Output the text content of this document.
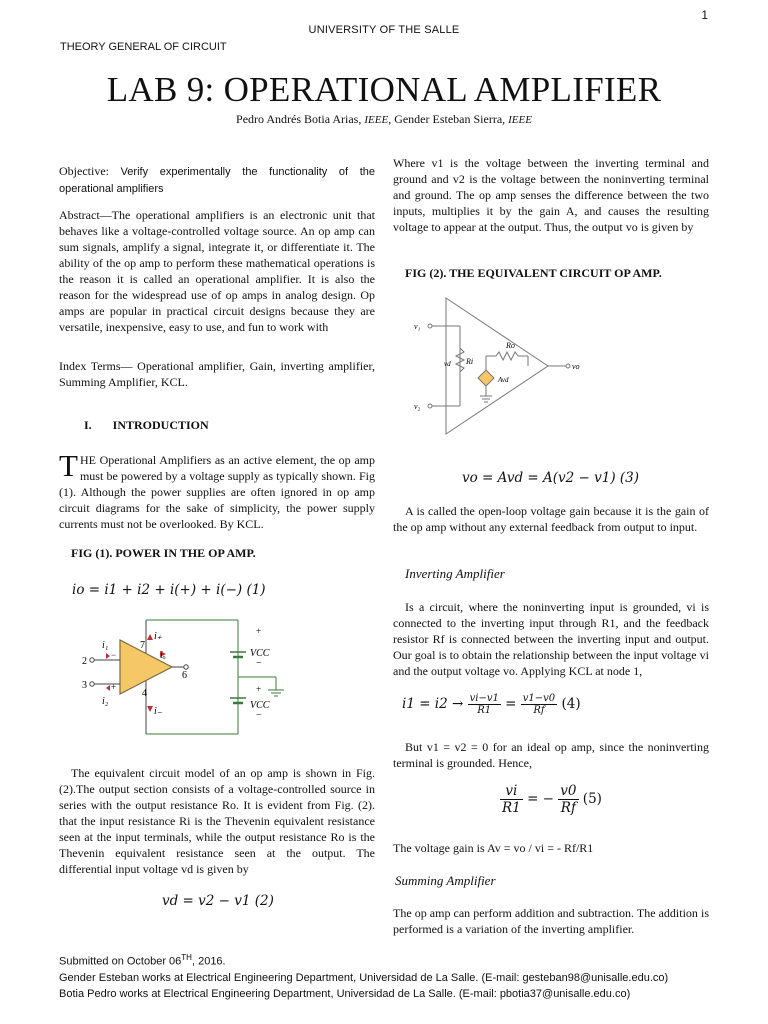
1
UNIVERSITY OF THE SALLE
THEORY GENERAL OF CIRCUIT
LAB 9: OPERATIONAL AMPLIFIER
Pedro Andrés Botia Arias, IEEE, Gender Esteban Sierra, IEEE

Objective: Verify experimentally the functionality of the operational amplifiers

Abstract—The operational amplifiers is an electronic unit that behaves like a voltage-controlled voltage source. An op amp can sum signals, amplify a signal, integrate it, or differentiate it. The ability of the op amp to perform these mathematical operations is the reason it is called an operational amplifier. It is also the reason for the widespread use of op amps in analog design. Op amps are popular in practical circuit designs because they are versatile, inexpensive, easy to use, and fun to work with
Index Terms— Operational amplifier, Gain, inverting amplifier, Summing Amplifier, KCL.
I. INTRODUCTION
THE Operational Amplifiers as an active element, the op amp must be powered by a voltage supply as typically shown. Fig (1). Although the power supplies are often ignored in op amp circuit diagrams for the sake of simplicity, the power supply currents must not be overlooked. By KCL.
FIG (1). POWER IN THE OP AMP.
io = i1 + i2 + i(+) + i(−) (1)
−
+
i₁
i₂
i₊
i₋
iₒ
2
3
4
6
7
+
VCC
−
+
VCC
−

The equivalent circuit model of an op amp is shown in Fig. (2).The output section consists of a voltage-controlled source in series with the output resistance Ro. It is evident from Fig. (2). that the input resistance Ri is the Thevenin equivalent resistance seen at the input terminals, while the output resistance Ro is the Thevenin equivalent resistance seen at the output. The differential input voltage vd is given by

vd = v2 − v1 (2)
Where v1 is the voltage between the inverting terminal and ground and v2 is the voltage between the noninverting terminal and ground. The op amp senses the difference between the two inputs, multiplies it by the gain A, and causes the resulting voltage to appear at the output. Thus, the output vo is given by
FIG (2). THE EQUIVALENT CIRCUIT OP AMP.
v₁
v₂
vd Ri
Ro
Avd
vo
vo = Avd = A(v2 − v1) (3)

A is called the open-loop voltage gain because it is the gain of the op amp without any external feedback from output to input.

Inverting Amplifier

Is a circuit, where the noninverting input is grounded, vi is connected to the inverting input through R1, and the feedback resistor Rf is connected between the inverting input and output. Our goal is to obtain the relationship between the input voltage vi and the output voltage vo. Applying KCL at node 1,

$i1 = i2 \to \frac{vi-v1}{R1} = \frac{v1-v0}{Rf} (4)$

But v1 = v2 = 0 for an ideal op amp, since the noninverting terminal is grounded. Hence,

$\frac{vi}{R1}$ = − $\frac{v0}{Rf} (5)$
The voltage gain is Av = vo / vi = - Rf/R1
Summing Amplifier
The op amp can perform addition and subtraction. The addition is performed is a variation of the inverting amplifier.
Submitted on October 06TH, 2016.
Gender Esteban works at Electrical Engineering Department, Universidad de La Salle. (E-mail: gesteban98@unisalle.edu.co)
Botia Pedro works at Electrical Engineering Department, Universidad de La Salle. (E-mail: pbotia37@unisalle.edu.co)
